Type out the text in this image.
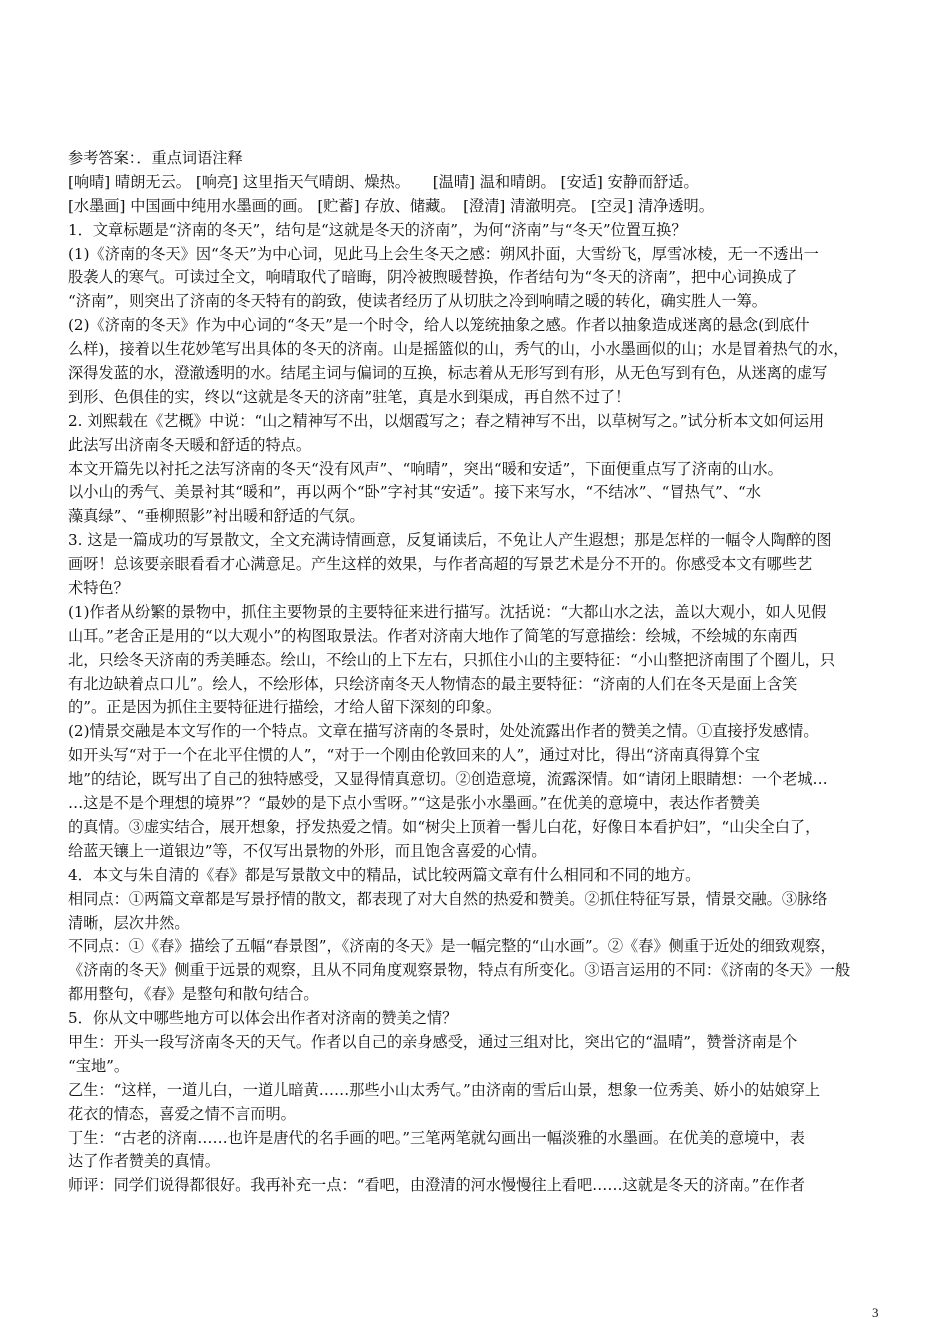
参考答案：．重点词语注释
[响晴] 晴朗无云。 [响亮] 这里指天气晴朗、燥热。　　[温晴] 温和晴朗。 [安适] 安静而舒适。
[水墨画] 中国画中纯用水墨画的画。 [贮蓄] 存放、储藏。　[澄清] 清澈明亮。 [空灵] 清净透明。
1．文章标题是“济南的冬天”，结句是“这就是冬天的济南”，为何“济南”与“冬天”位置互换？
(1)《济南的冬天》因“冬天”为中心词，见此马上会生冬天之感：朔风扑面，大雪纷飞，厚雪冰棱，无一不透出一
股袭人的寒气。可读过全文，响晴取代了暗晦，阴冷被煦暖替换，作者结句为“冬天的济南”，把中心词换成了
“济南”，则突出了济南的冬天特有的韵致，使读者经历了从切肤之冷到响晴之暖的转化，确实胜人一筹。
(2)《济南的冬天》作为中心词的“冬天”是一个时令，给人以笼统抽象之感。作者以抽象造成迷离的悬念(到底什
么样)，接着以生花妙笔写出具体的冬天的济南。山是摇篮似的山，秀气的山，小水墨画似的山；水是冒着热气的水，
深得发蓝的水，澄澈透明的水。结尾主词与偏词的互换，标志着从无形写到有形，从无色写到有色，从迷离的虚写
到形、色俱佳的实，终以“这就是冬天的济南”驻笔，真是水到渠成，再自然不过了！
2. 刘熙载在《艺概》中说：“山之精神写不出，以烟霞写之；春之精神写不出，以草树写之。”试分析本文如何运用
此法写出济南冬天暖和舒适的特点。
本文开篇先以衬托之法写济南的冬天“没有风声”、“响晴”，突出“暖和安适”，下面便重点写了济南的山水。
以小山的秀气、美景衬其“暖和”，再以两个“卧”字衬其“安适”。接下来写水，“不结冰”、“冒热气”、“水
藻真绿”、“垂柳照影”衬出暖和舒适的气氛。
3. 这是一篇成功的写景散文，全文充满诗情画意，反复诵读后，不免让人产生遐想；那是怎样的一幅令人陶醉的图
画呀！总该要亲眼看看才心满意足。产生这样的效果，与作者高超的写景艺术是分不开的。你感受本文有哪些艺
术特色？
(1)作者从纷繁的景物中，抓住主要物景的主要特征来进行描写。沈括说：“大都山水之法，盖以大观小，如人见假
山耳。”老舍正是用的“以大观小”的构图取景法。作者对济南大地作了简笔的写意描绘：绘城，不绘城的东南西
北，只绘冬天济南的秀美睡态。绘山，不绘山的上下左右，只抓住小山的主要特征：“小山整把济南围了个圈儿，只
有北边缺着点口儿”。绘人，不绘形体，只绘济南冬天人物情态的最主要特征：“济南的人们在冬天是面上含笑
的”。正是因为抓住主要特征进行描绘，才给人留下深刻的印象。
(2)情景交融是本文写作的一个特点。文章在描写济南的冬景时，处处流露出作者的赞美之情。①直接抒发感情。
如开头写“对于一个在北平住惯的人”，“对于一个刚由伦敦回来的人”，通过对比，得出“济南真得算个宝
地”的结论，既写出了自己的独特感受，又显得情真意切。②创造意境，流露深情。如“请闭上眼睛想：一个老城…
…这是不是个理想的境界”？“最妙的是下点小雪呀。”“这是张小水墨画。”在优美的意境中，表达作者赞美
的真情。③虚实结合，展开想象，抒发热爱之情。如“树尖上顶着一髻儿白花，好像日本看护妇”，“山尖全白了，
给蓝天镶上一道银边”等，不仅写出景物的外形，而且饱含喜爱的心情。
4．本文与朱自清的《春》都是写景散文中的精品，试比较两篇文章有什么相同和不同的地方。
相同点：①两篇文章都是写景抒情的散文，都表现了对大自然的热爱和赞美。②抓住特征写景，情景交融。③脉络
清晰，层次井然。
不同点：①《春》描绘了五幅“春景图”，《济南的冬天》是一幅完整的“山水画”。②《春》侧重于近处的细致观察，
《济南的冬天》侧重于远景的观察，且从不同角度观察景物，特点有所变化。③语言运用的不同：《济南的冬天》一般
都用整句，《春》是整句和散句结合。
5．你从文中哪些地方可以体会出作者对济南的赞美之情？
甲生：开头一段写济南冬天的天气。作者以自己的亲身感受，通过三组对比，突出它的“温晴”，赞誉济南是个
“宝地”。
乙生：“这样，一道儿白，一道儿暗黄……那些小山太秀气。”由济南的雪后山景，想象一位秀美、娇小的姑娘穿上
花衣的情态，喜爱之情不言而明。
丁生：“古老的济南……也许是唐代的名手画的吧。”三笔两笔就勾画出一幅淡雅的水墨画。在优美的意境中，表
达了作者赞美的真情。
师评：同学们说得都很好。我再补充一点：“看吧，由澄清的河水慢慢往上看吧……这就是冬天的济南。”在作者
3
